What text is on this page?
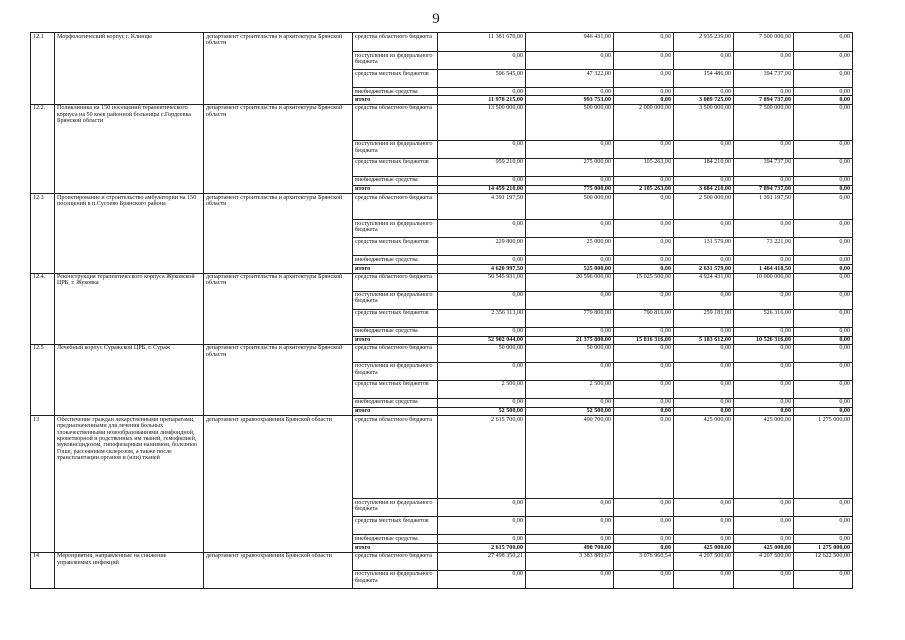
9
12.1	Морфологический корпус г. Клинцы	департамент строительства и архитектуры Брянской области	средства областного бюджета	11 381 670,00	946 431,00	0,00	2 935 239,00	7 500 000,00	0,00
			поступления из федерального бюджета	0,00	0,00	0,00	0,00	0,00	0,00
			средства местных бюджетов	596 545,00	47 322,00	0,00	154 486,00	394 737,00	0,00
			внебюджетные средства	0,00	0,00	0,00	0,00	0,00	0,00
			итого	11 978 215,00	993 753,00	0,00	3 089 725,00	7 894 737,00	0,00
12.2.	Поликлиника на 150 посещений терапевтического корпуса на 50 коек районной больницы с.Гордеевка Брянской области	департамент строительства и архитектуры Брянской области	средства областного бюджета	13 500 000,00	500 000,00	2 000 000,00	3 500 000,00	7 500 000,00	0,00
			поступления из федерального бюджета	0,00	0,00	0,00	0,00	0,00	0,00
			средства местных бюджетов	959 210,00	275 000,00	105 263,00	184 210,00	394 737,00	0,00
			внебюджетные средства	0,00	0,00	0,00	0,00	0,00	0,00
			итого	14 459 210,00	775 000,00	2 105 263,00	3 684 210,00	7 894 737,00	0,00
12.3	Проектирование и строительство амбулатории на 150 посещений в п.Сусоево Брянского района	департамент строительства и архитектуры Брянской области	средства областного бюджета	4 391 197,50	500 000,00	0,00	2 500 000,00	1 391 197,50	0,00
			поступления из федерального бюджета	0,00	0,00	0,00	0,00	0,00	0,00
			средства местных бюджетов	229 800,00	25 000,00	0,00	131 579,00	73 221,00	0,00
			внебюджетные средства	0,00	0,00	0,00	0,00	0,00	0,00
			итого	4 620 997,50	525 000,00	0,00	2 631 579,00	1 464 418,50	0,00
12.4.	Реконструкция терапевтического корпуса Жуковской ЦРБ, г. Жуковка	департамент строительства и архитектуры Брянской области	средства областного бюджета	50 545 931,00	20 596 000,00	15 025 500,00	4 924 431,00	10 000 000,00	0,00
			поступления из федерального бюджета	0,00	0,00	0,00	0,00	0,00	0,00
			средства местных бюджетов	2 356 113,00	779 800,00	790 816,00	259 181,00	526 316,00	0,00
			внебюджетные средства	0,00	0,00	0,00	0,00	0,00	0,00
			итого	52 902 044,00	21 375 800,00	15 816 316,00	5 183 612,00	10 526 316,00	0,00
12.5	Лечебный корпус Суражской ЦРБ, г. Сураж	департамент строительства и архитектуры Брянской области	средства областного бюджета	50 000,00	50 000,00	0,00	0,00	0,00	0,00
			поступления из федерального бюджета	0,00	0,00	0,00	0,00	0,00	0,00
			средства местных бюджетов	2 500,00	2 500,00	0,00	0,00	0,00	0,00
			внебюджетные средства	0,00	0,00	0,00	0,00	0,00	0,00
			итого	52 500,00	52 500,00	0,00	0,00	0,00	0,00
13	Обеспечение граждан лекарственными препаратами, предназначенными для лечения больных злокачественными новообразованиями лимфоидной, кроветворной и родственных им тканей, гемофилией, муковисцидозом, гипофизарным нанизмом, болезнью Гоше, рассеянным склерозом, а также после трансплантации органов и (или) тканей	департамент здравоохранения Брянской области	средства областного бюджета	2 615 700,00	490 700,00	0,00	425 000,00	425 000,00	1 275 000,00
			поступления из федерального бюджета	0,00	0,00	0,00	0,00	0,00	0,00
			средства местных бюджетов	0,00	0,00	0,00	0,00	0,00	0,00
			внебюджетные средства	0,00	0,00	0,00	0,00	0,00	0,00
			итого	2 615 700,00	490 700,00	0,00	425 000,00	425 000,00	1 275 000,00
14	Мероприятия, направленные на снижение управляемых инфекций	департамент здравоохранения Брянской области	средства областного бюджета	27 498 350,21	3 383 889,67	3 076 960,54	4 207 500,00	4 207 500,00	12 622 500,00
			поступления из федерального бюджета	0,00	0,00	0,00	0,00	0,00	0,00
